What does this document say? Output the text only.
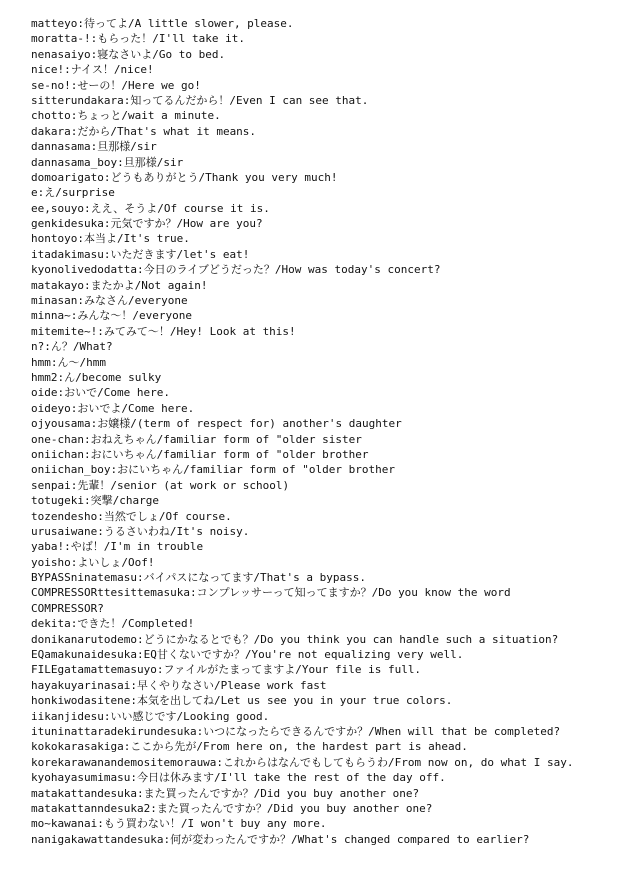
matteyo:待ってよ/A little slower, please.
moratta-!:もらった！/I'll take it.
nenasaiyo:寝なさいよ/Go to bed.
nice!:ナイス！/nice!
se-no!:せーの！/Here we go!
sitterundakara:知ってるんだから！/Even I can see that.
chotto:ちょっと/wait a minute.
dakara:だから/That's what it means.
dannasama:旦那様/sir
dannasama_boy:旦那様/sir
domoarigato:どうもありがとう/Thank you very much!
e:え/surprise
ee,souyo:ええ、そうよ/Of course it is.
genkidesuka:元気ですか？/How are you?
hontoyo:本当よ/It's true.
itadakimasu:いただきます/let's eat!
kyonolivedodatta:今日のライブどうだった？/How was today's concert?
matakayo:またかよ/Not again!
minasan:みなさん/everyone
minna~:みんな～！/everyone
mitemite~!:みてみて～！/Hey! Look at this!
n?:ん？/What?
hmm:ん～/hmm
hmm2:ん/become sulky
oide:おいで/Come here.
oideyo:おいでよ/Come here.
ojyousama:お嬢様/(term of respect for) another's daughter
one-chan:おねえちゃん/familiar form of "older sister
oniichan:おにいちゃん/familiar form of "older brother
oniichan_boy:おにいちゃん/familiar form of "older brother
senpai:先輩！/senior (at work or school)
totugeki:突撃/charge
tozendesho:当然でしょ/Of course.
urusaiwane:うるさいわね/It's noisy.
yaba!:やば！/I'm in trouble
yoisho:よいしょ/Oof!
BYPASSninatemasu:バイパスになってます/That's a bypass.
COMPRESSORttesittemasuka:コンプレッサーって知ってますか？/Do you know the word
COMPRESSOR?
dekita:できた！/Completed!
donikanarutodemo:どうにかなるとでも？/Do you think you can handle such a situation?
EQamakunaidesuka:EQ甘くないですか？/You're not equalizing very well.
FILEgatamattemasuyo:ファイルがたまってますよ/Your file is full.
hayakuyarinasai:早くやりなさい/Please work fast
honkiwodasitene:本気を出してね/Let us see you in your true colors.
iikanjidesu:いい感じです/Looking good.
ituninattaradekirundesuka:いつになったらできるんですか？/When will that be completed?
kokokarasakiga:ここから先が/From here on, the hardest part is ahead.
korekarawanandemositemorauwa:これからはなんでもしてもらうわ/From now on, do what I say.
kyohayasumimasu:今日は休みます/I'll take the rest of the day off.
matakattandesuka:また買ったんですか？/Did you buy another one?
matakattanndesuka2:また買ったんですか？/Did you buy another one?
mo~kawanai:もう買わない！/I won't buy any more.
nanigakawattandesuka:何が変わったんですか？/What's changed compared to earlier?
